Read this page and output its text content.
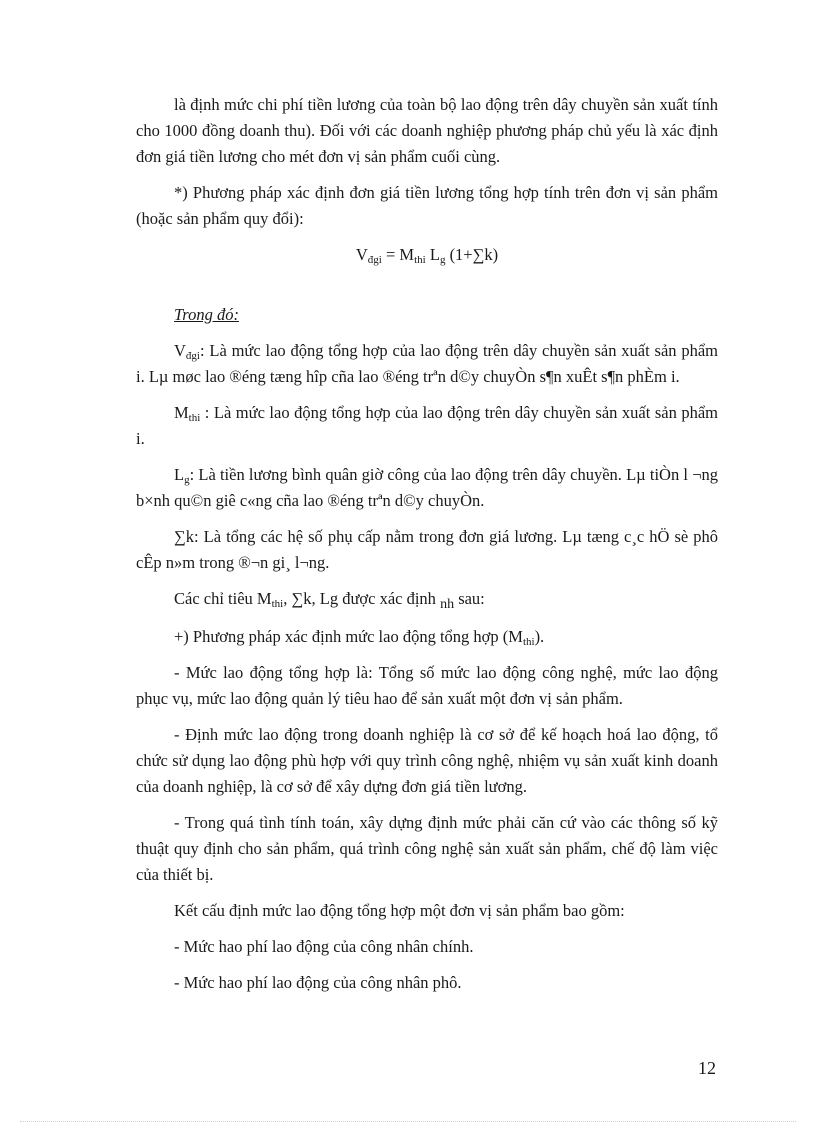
là định mức chi phí tiền lương của toàn bộ lao động trên dây chuyền sản xuất tính cho 1000 đồng doanh thu). Đối với các doanh nghiệp phương pháp chủ yếu là xác định đơn giá tiền lương cho mét đơn vị sản phẩm cuối cùng.

*) Phương pháp xác định đơn giá tiền lương tổng hợp tính trên đơn vị sản phẩm (hoặc sản phẩm quy đổi):

$V_{đgi} = M_{thi}$ $L_g$ (1+∑k)

Trong đó:

$V_{đgi}$: Là mức lao động tổng hợp của lao động trên dây chuyền sản xuất sản phẩm i. Lµ møc lao ®éng tæng hîp cña lao ®éng trªn d©y chuyÒn s¶n xuÊt s¶n phÈm i.

$M_{thi}$ : Là mức lao động tổng hợp của lao động trên dây chuyền sản xuất sản phẩm i.

$L_g$: Là tiền lương bình quân giờ công của lao động trên dây chuyền. Lµ tiÒn l ¬ng b×nh qu©n giê c«ng cña lao ®éng trªn d©y chuyÒn.

∑k: Là tổng các hệ số phụ cấp nằm trong đơn giá lương. Lµ tæng c¸c hÖ sè phô cÊp n»m trong ®¬n gi¸ l¬ng.

Các chỉ tiêu $M_{thi}$, ∑k, Lg được xác định $_{nh}$ sau:

+) Phương pháp xác định mức lao động tổng hợp $(M_{thi})$.

- Mức lao động tổng hợp là: Tổng số mức lao động công nghệ, mức lao động phục vụ, mức lao động quản lý tiêu hao để sản xuất một đơn vị sản phẩm.

- Định mức lao động trong doanh nghiệp là cơ sở để kế hoạch hoá lao động, tổ chức sử dụng lao động phù hợp với quy trình công nghệ, nhiệm vụ sản xuất kinh doanh của doanh nghiệp, là cơ sở để xây dựng đơn giá tiền lương.

- Trong quá tình tính toán, xây dựng định mức phải căn cứ vào các thông số kỹ thuật quy định cho sản phẩm, quá trình công nghệ sản xuất sản phẩm, chế độ làm việc của thiết bị.

Kết cấu định mức lao động tổng hợp một đơn vị sản phẩm bao gồm:

- Mức hao phí lao động của công nhân chính.

- Mức hao phí lao động của công nhân phô.

12
